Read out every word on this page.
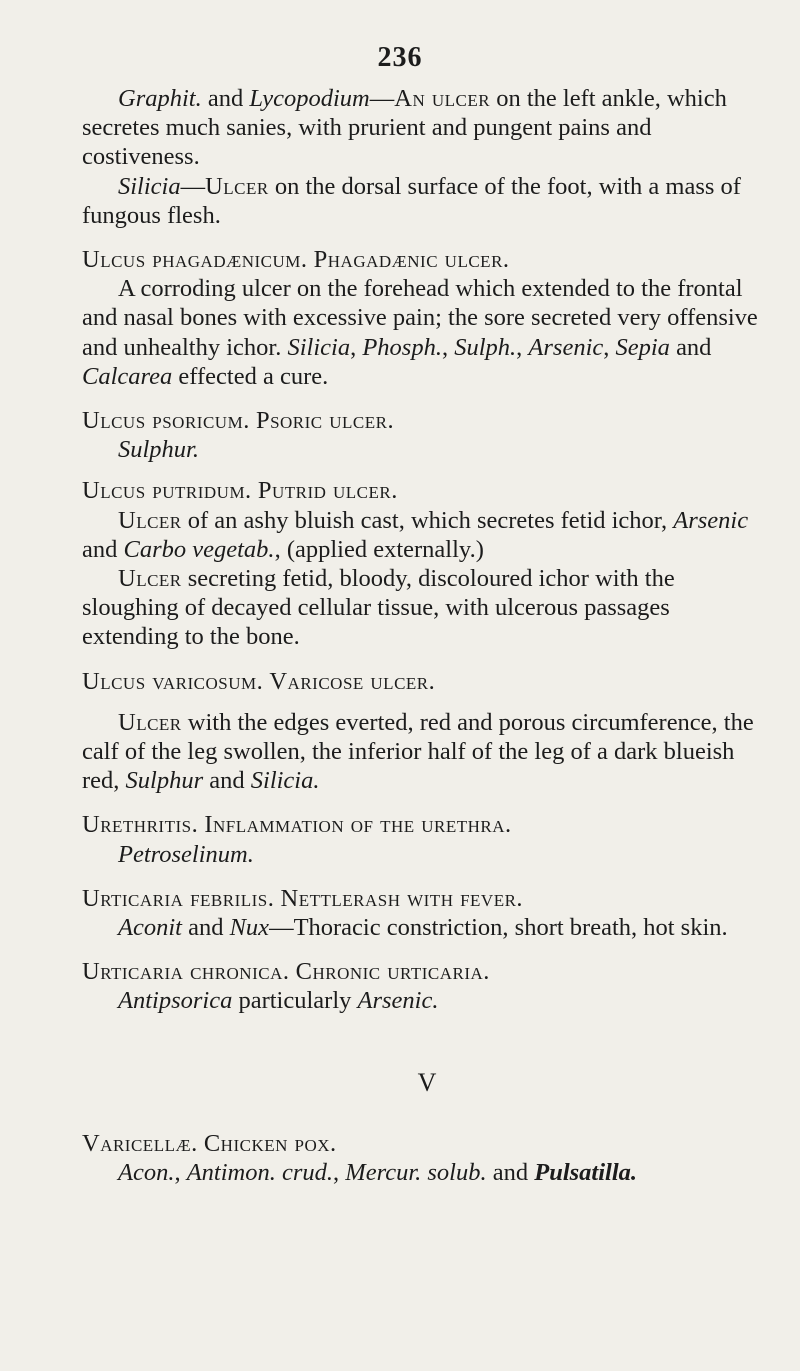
236

Graphit. and Lycopodium—An ulcer on the left ankle, which secretes much sanies, with prurient and pungent pains and costiveness.

Silicia—Ulcer on the dorsal surface of the foot, with a mass of fungous flesh.

Ulcus phagadænicum. Phagadænic ulcer.

A corroding ulcer on the forehead which extended to the frontal and nasal bones with excessive pain; the sore secreted very offensive and unhealthy ichor. Silicia, Phosph., Sulph., Arsenic, Sepia and Calcarea effected a cure.

Ulcus psoricum. Psoric ulcer.

Sulphur.

Ulcus putridum. Putrid ulcer.

Ulcer of an ashy bluish cast, which secretes fetid ichor, Arsenic and Carbo vegetab., (applied externally.)

Ulcer secreting fetid, bloody, discoloured ichor with the sloughing of decayed cellular tissue, with ulcerous passages extending to the bone.

Ulcus varicosum. Varicose ulcer.

Ulcer with the edges everted, red and porous circumference, the calf of the leg swollen, the inferior half of the leg of a dark blueish red, Sulphur and Silicia.

Urethritis. Inflammation of the urethra.

Petroselinum.

Urticaria febrilis. Nettlerash with fever.

Aconit and Nux—Thoracic constriction, short breath, hot skin.

Urticaria chronica. Chronic urticaria.

Antipsorica particularly Arsenic.

V

Varicellæ. Chicken pox.

Acon., Antimon. crud., Mercur. solub. and Pulsatilla.
